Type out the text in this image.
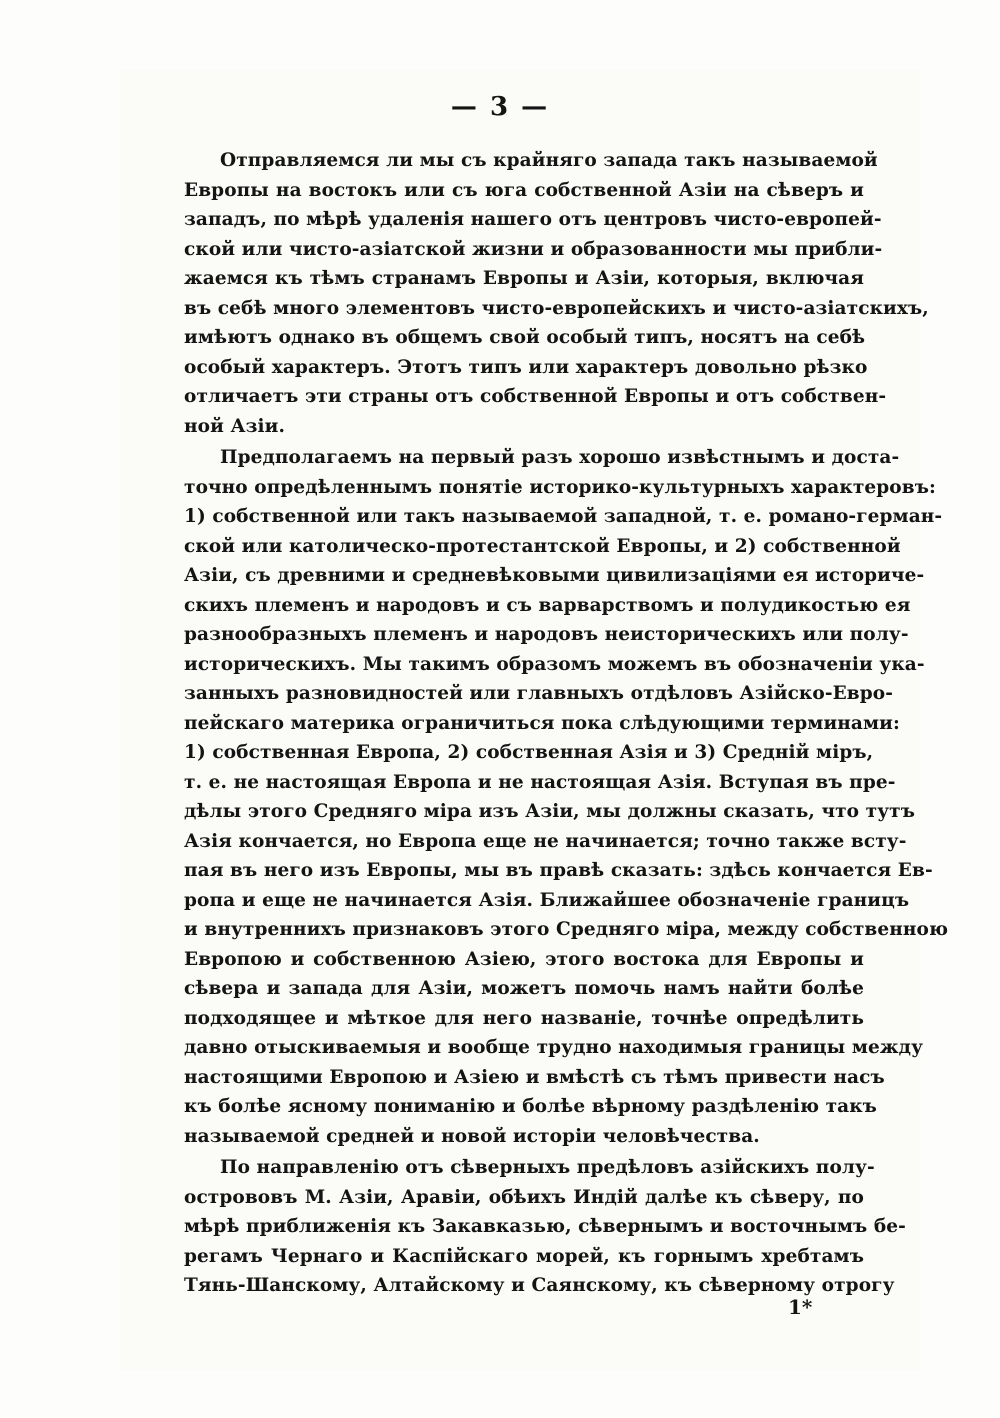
— 3 —
Отправляемся ли мы съ крайняго запада такъ называемой
Европы на востокъ или съ юга собственной Азіи на сѣверъ и
западъ, по мѣрѣ удаленія нашего отъ центровъ чисто-европей-
ской или чисто-азіатской жизни и образованности мы прибли-
жаемся къ тѣмъ странамъ Европы и Азіи, которыя, включая
въ себѣ много элементовъ чисто-европейскихъ и чисто-азіатскихъ,
имѣютъ однако въ общемъ свой особый типъ, носятъ на себѣ
особый характеръ. Этотъ типъ или характеръ довольно рѣзко
отличаетъ эти страны отъ собственной Европы и отъ собствен-
ной Азіи.
Предполагаемъ на первый разъ хорошо извѣстнымъ и доста-
точно опредѣленнымъ понятіе историко-культурныхъ характеровъ:
1) собственной или такъ называемой западной, т. е. романо-герман-
ской или католическо-протестантской Европы, и 2) собственной
Азіи, съ древними и средневѣковыми цивилизаціями ея историче-
скихъ племенъ и народовъ и съ варварствомъ и полудикостью ея
разнообразныхъ племенъ и народовъ неисторическихъ или полу-
историческихъ. Мы такимъ образомъ можемъ въ обозначеніи ука-
занныхъ разновидностей или главныхъ отдѣловъ Азійско-Евро-
пейскаго материка ограничиться пока слѣдующими терминами:
1) собственная Европа, 2) собственная Азія и 3) Средній міръ,
т. е. не настоящая Европа и не настоящая Азія. Вступая въ пре-
дѣлы этого Средняго міра изъ Азіи, мы должны сказать, что тутъ
Азія кончается, но Европа еще не начинается; точно также всту-
пая въ него изъ Европы, мы въ правѣ сказать: здѣсь кончается Ев-
ропа и еще не начинается Азія. Ближайшее обозначеніе границъ
и внутреннихъ признаковъ этого Средняго міра, между собственною
Европою и собственною Азіею, этого востока для Европы и
сѣвера и запада для Азіи, можетъ помочь намъ найти болѣе
подходящее и мѣткое для него названіе, точнѣе опредѣлить
давно отыскиваемыя и вообще трудно находимыя границы между
настоящими Европою и Азіею и вмѣстѣ съ тѣмъ привести насъ
къ болѣе ясному пониманію и болѣе вѣрному раздѣленію такъ
называемой средней и новой исторіи человѣчества.
По направленію отъ сѣверныхъ предѣловъ азійскихъ полу-
острововъ М. Азіи, Аравіи, обѣихъ Индій далѣе къ сѣверу, по
мѣрѣ приближенія къ Закавказью, сѣвернымъ и восточнымъ бе-
регамъ Чернаго и Каспійскаго морей, къ горнымъ хребтамъ
Тянь-Шанскому, Алтайскому и Саянскому, къ сѣверному отрогу
1*
